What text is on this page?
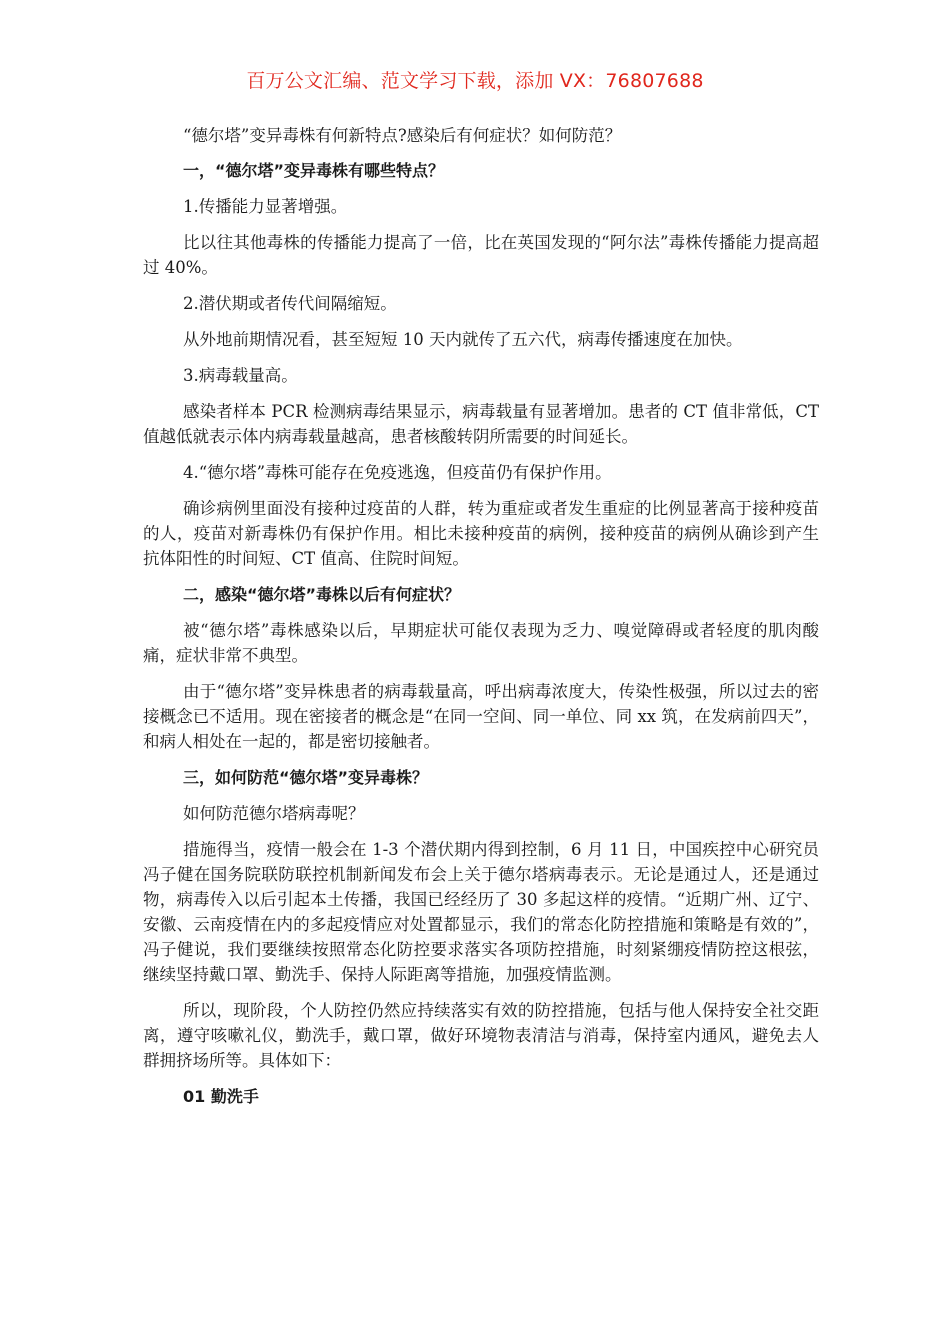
百万公文汇编、范文学习下载，添加 VX：76807688

“德尔塔”变异毒株有何新特点?感染后有何症状？如何防范？

一，“德尔塔”变异毒株有哪些特点？

1.传播能力显著增强。

比以往其他毒株的传播能力提高了一倍，比在英国发现的“阿尔法”毒株传播能力提高超过 40%。

2.潜伏期或者传代间隔缩短。

从外地前期情况看，甚至短短 10 天内就传了五六代，病毒传播速度在加快。

3.病毒载量高。

感染者样本 PCR 检测病毒结果显示，病毒载量有显著增加。患者的 CT 值非常低，CT 值越低就表示体内病毒载量越高，患者核酸转阴所需要的时间延长。

4.“德尔塔”毒株可能存在免疫逃逸，但疫苗仍有保护作用。

确诊病例里面没有接种过疫苗的人群，转为重症或者发生重症的比例显著高于接种疫苗的人，疫苗对新毒株仍有保护作用。相比未接种疫苗的病例，接种疫苗的病例从确诊到产生抗体阳性的时间短、CT 值高、住院时间短。

二，感染“德尔塔”毒株以后有何症状？

被“德尔塔”毒株感染以后，早期症状可能仅表现为乏力、嗅觉障碍或者轻度的肌肉酸痛，症状非常不典型。

由于“德尔塔”变异株患者的病毒载量高，呼出病毒浓度大，传染性极强，所以过去的密接概念已不适用。现在密接者的概念是“在同一空间、同一单位、同 xx 筑，在发病前四天”，和病人相处在一起的，都是密切接触者。

三，如何防范“德尔塔”变异毒株？

如何防范德尔塔病毒呢？

措施得当，疫情一般会在 1-3 个潜伏期内得到控制，6 月 11 日，中国疾控中心研究员冯子健在国务院联防联控机制新闻发布会上关于德尔塔病毒表示。无论是通过人，还是通过物，病毒传入以后引起本土传播，我国已经经历了 30 多起这样的疫情。“近期广州、辽宁、安徽、云南疫情在内的多起疫情应对处置都显示，我们的常态化防控措施和策略是有效的”，冯子健说，我们要继续按照常态化防控要求落实各项防控措施，时刻紧绷疫情防控这根弦，继续坚持戴口罩、勤洗手、保持人际距离等措施，加强疫情监测。

所以，现阶段，个人防控仍然应持续落实有效的防控措施，包括与他人保持安全社交距离，遵守咳嗽礼仪，勤洗手，戴口罩，做好环境物表清洁与消毒，保持室内通风，避免去人群拥挤场所等。具体如下：

01 勤洗手
